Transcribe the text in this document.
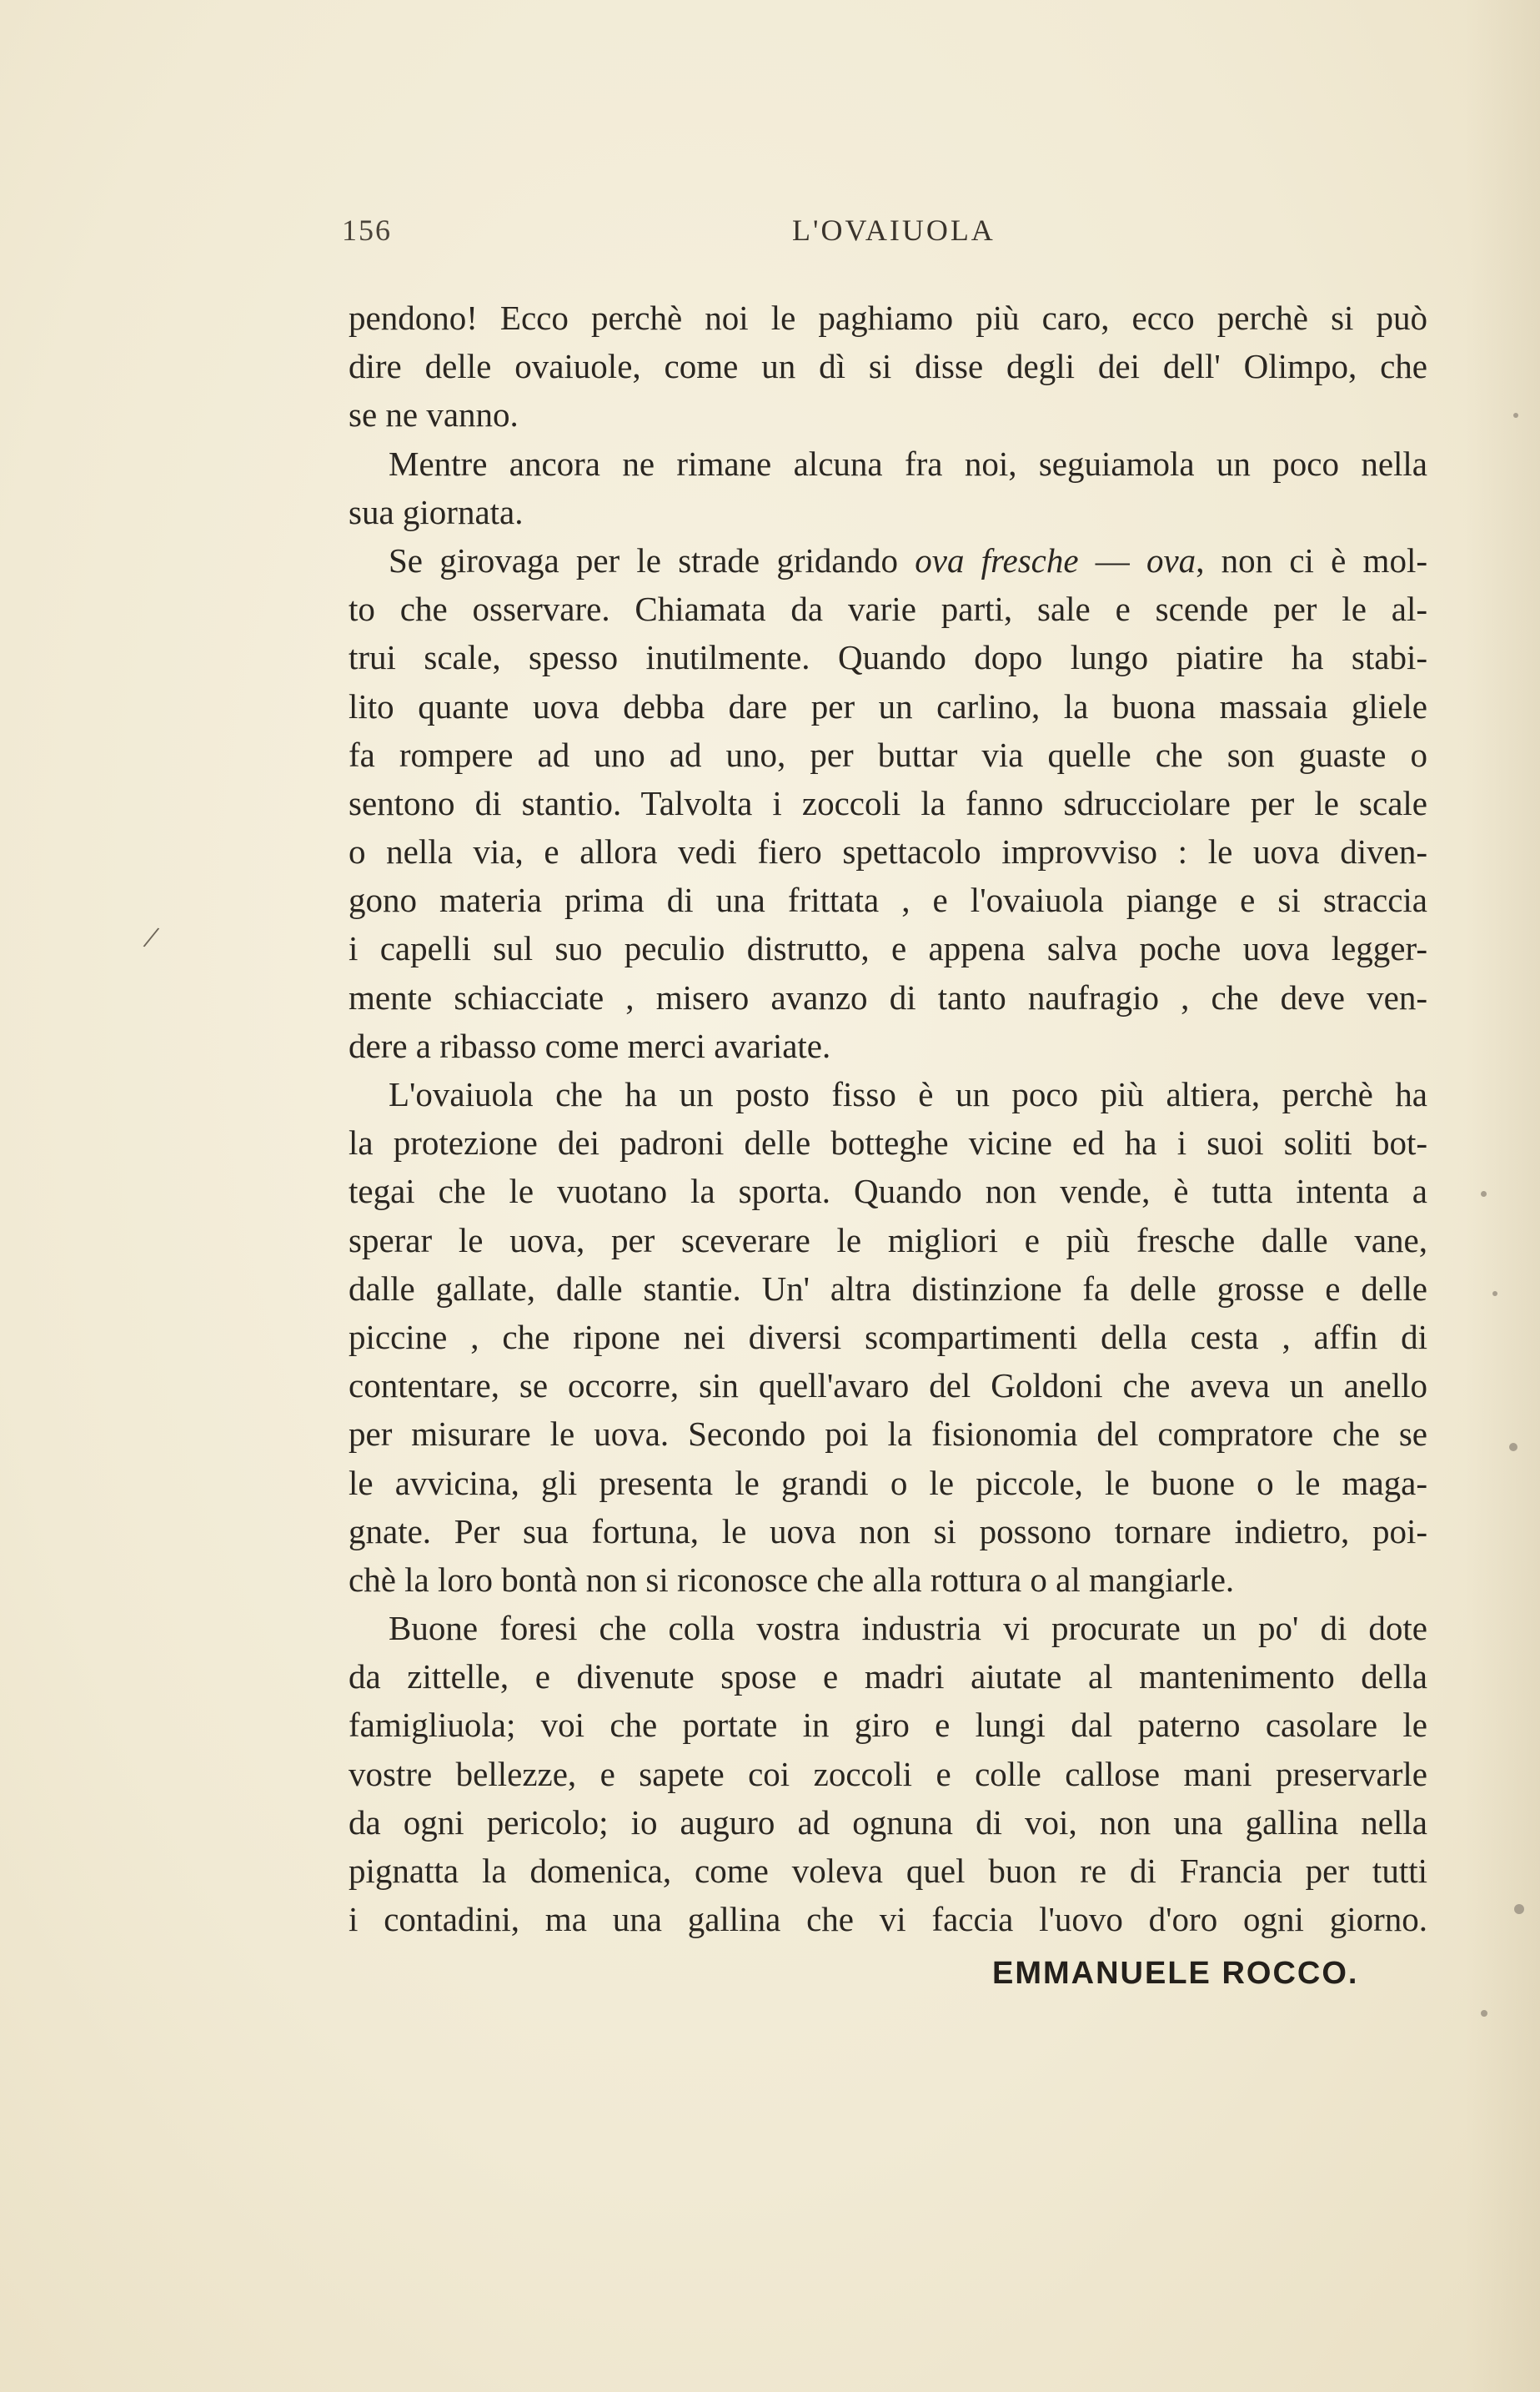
156	L'OVAIUOLA
pendono! Ecco perchè noi le paghiamo più caro, ecco perchè si può
dire delle ovaiuole, come un dì si disse degli dei dell' Olimpo, che
se ne vanno.
Mentre ancora ne rimane alcuna fra noi, seguiamola un poco nella
sua giornata.
Se girovaga per le strade gridando ova fresche — ova, non ci è mol-
to che osservare. Chiamata da varie parti, sale e scende per le al-
trui scale, spesso inutilmente. Quando dopo lungo piatire ha stabi-
lito quante uova debba dare per un carlino, la buona massaia gliele
fa rompere ad uno ad uno, per buttar via quelle che son guaste o
sentono di stantio. Talvolta i zoccoli la fanno sdrucciolare per le scale
o nella via, e allora vedi fiero spettacolo improvviso : le uova diven-
gono materia prima di una frittata , e l'ovaiuola piange e si straccia
i capelli sul suo peculio distrutto, e appena salva poche uova legger-
mente schiacciate , misero avanzo di tanto naufragio , che deve ven-
dere a ribasso come merci avariate.
L'ovaiuola che ha un posto fisso è un poco più altiera, perchè ha
la protezione dei padroni delle botteghe vicine ed ha i suoi soliti bot-
tegai che le vuotano la sporta. Quando non vende, è tutta intenta a
sperar le uova, per sceverare le migliori e più fresche dalle vane,
dalle gallate, dalle stantie. Un' altra distinzione fa delle grosse e delle
piccine , che ripone nei diversi scompartimenti della cesta , affin di
contentare, se occorre, sin quell'avaro del Goldoni che aveva un anello
per misurare le uova. Secondo poi la fisionomia del compratore che se
le avvicina, gli presenta le grandi o le piccole, le buone o le maga-
gnate. Per sua fortuna, le uova non si possono tornare indietro, poi-
chè la loro bontà non si riconosce che alla rottura o al mangiarle.
Buone foresi che colla vostra industria vi procurate un po' di dote
da zittelle, e divenute spose e madri aiutate al mantenimento della
famigliuola; voi che portate in giro e lungi dal paterno casolare le
vostre bellezze, e sapete coi zoccoli e colle callose mani preservarle
da ogni pericolo; io auguro ad ognuna di voi, non una gallina nella
pignatta la domenica, come voleva quel buon re di Francia per tutti
i contadini, ma una gallina che vi faccia l'uovo d'oro ogni giorno.
EMMANUELE ROCCO.
/
